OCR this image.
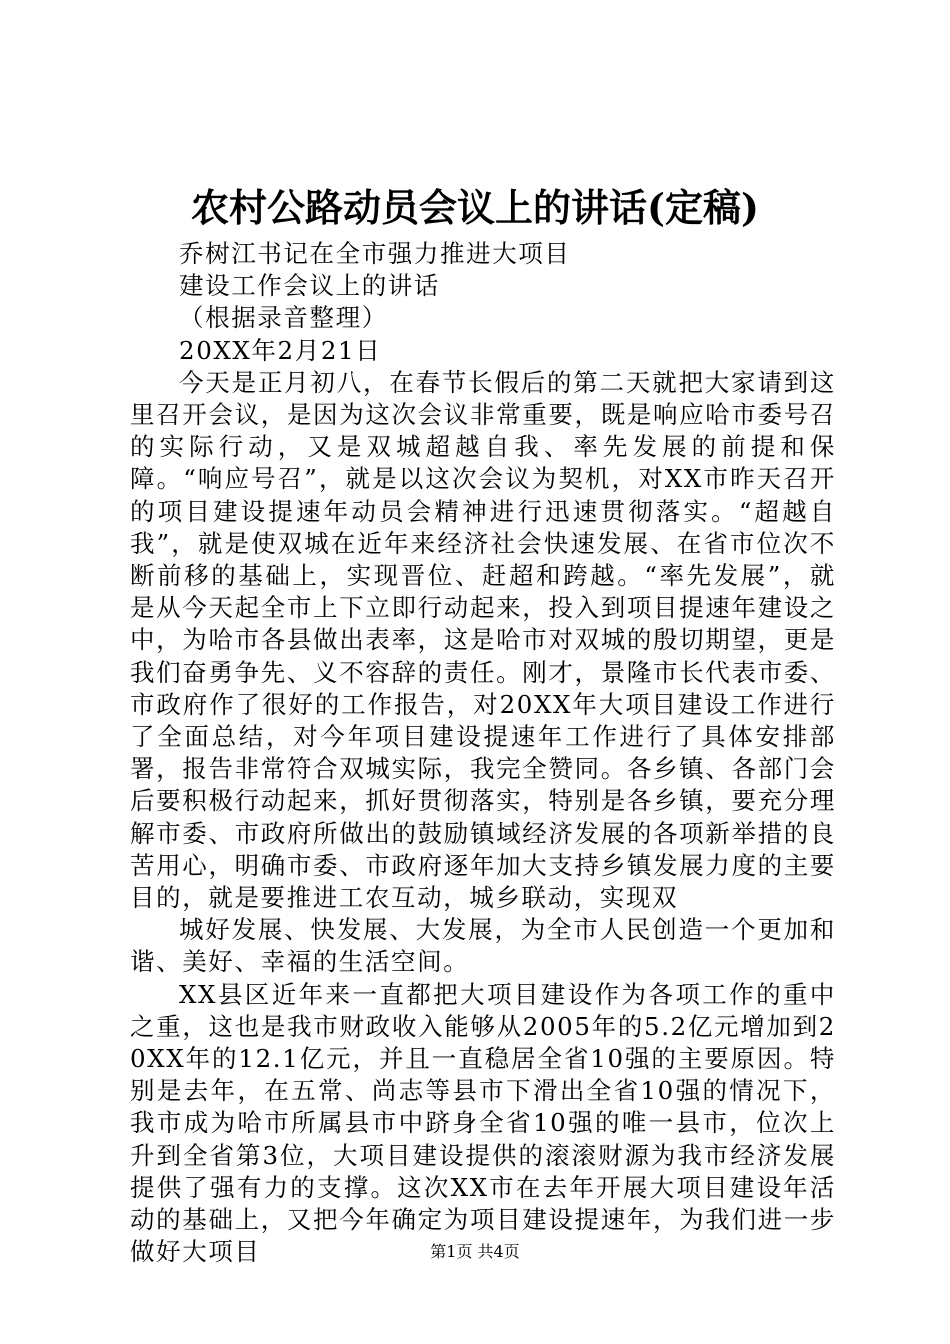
农村公路动员会议上的讲话(定稿)
乔树江书记在全市强力推进大项目
建设工作会议上的讲话
（根据录音整理）
20XX年2月21日
今天是正月初八，在春节长假后的第二天就把大家请到这里召开会议，是因为这次会议非常重要，既是响应哈市委号召的实际行动，又是双城超越自我、率先发展的前提和保障。“响应号召”，就是以这次会议为契机，对XX市昨天召开的项目建设提速年动员会精神进行迅速贯彻落实。“超越自我”，就是使双城在近年来经济社会快速发展、在省市位次不断前移的基础上，实现晋位、赶超和跨越。“率先发展”，就是从今天起全市上下立即行动起来，投入到项目提速年建设之中，为哈市各县做出表率，这是哈市对双城的殷切期望，更是我们奋勇争先、义不容辞的责任。刚才，景隆市长代表市委、市政府作了很好的工作报告，对20XX年大项目建设工作进行了全面总结，对今年项目建设提速年工作进行了具体安排部署，报告非常符合双城实际，我完全赞同。各乡镇、各部门会后要积极行动起来，抓好贯彻落实，特别是各乡镇，要充分理解市委、市政府所做出的鼓励镇域经济发展的各项新举措的良苦用心，明确市委、市政府逐年加大支持乡镇发展力度的主要目的，就是要推进工农互动，城乡联动，实现双
城好发展、快发展、大发展，为全市人民创造一个更加和谐、美好、幸福的生活空间。
XX县区近年来一直都把大项目建设作为各项工作的重中之重，这也是我市财政收入能够从2005年的5.2亿元增加到20XX年的12.1亿元，并且一直稳居全省10强的主要原因。特别是去年，在五常、尚志等县市下滑出全省10强的情况下，我市成为哈市所属县市中跻身全省10强的唯一县市，位次上升到全省第3位，大项目建设提供的滚滚财源为我市经济发展提供了强有力的支撑。这次XX市在去年开展大项目建设年活动的基础上，又把今年确定为项目建设提速年，为我们进一步做好大项目	第1页 共4页
